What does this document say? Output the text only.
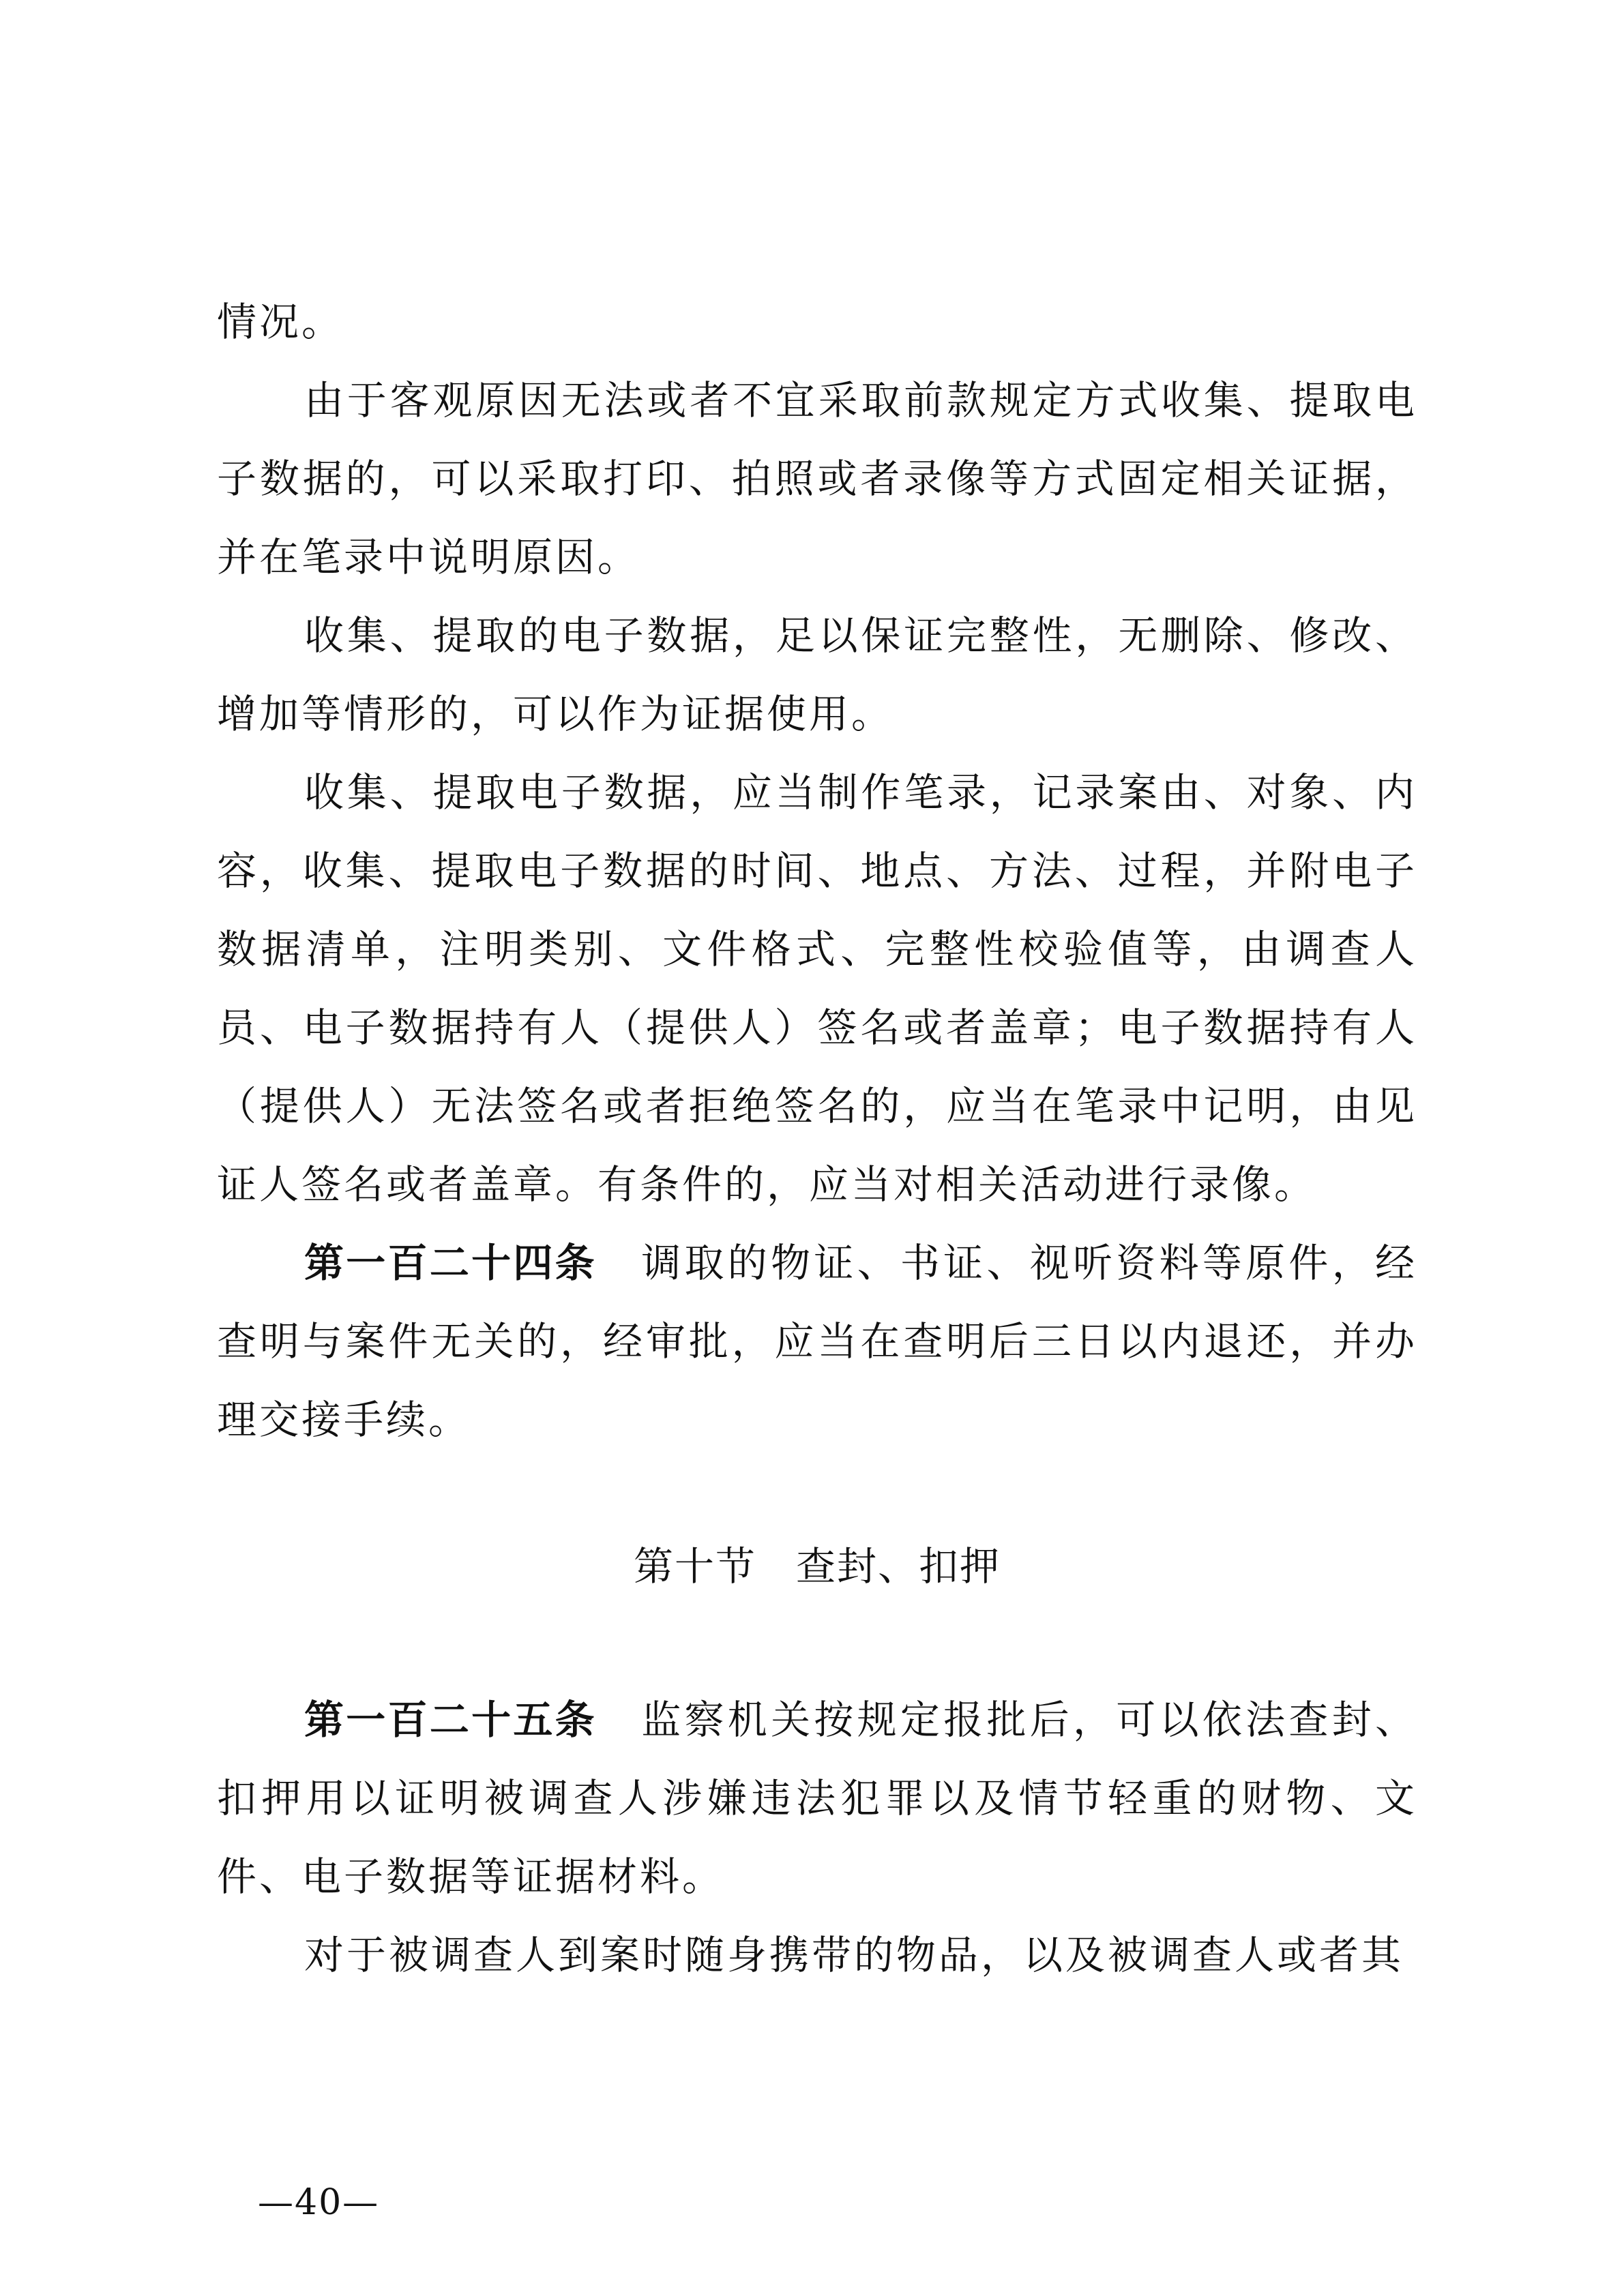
情况。

由于客观原因无法或者不宜采取前款规定方式收集、提取电子数据的，可以采取打印、拍照或者录像等方式固定相关证据，并在笔录中说明原因。

收集、提取的电子数据，足以保证完整性，无删除、修改、增加等情形的，可以作为证据使用。

收集、提取电子数据，应当制作笔录，记录案由、对象、内容，收集、提取电子数据的时间、地点、方法、过程，并附电子数据清单，注明类别、文件格式、完整性校验值等，由调查人员、电子数据持有人（提供人）签名或者盖章；电子数据持有人（提供人）无法签名或者拒绝签名的，应当在笔录中记明，由见证人签名或者盖章。有条件的，应当对相关活动进行录像。

第一百二十四条 调取的物证、书证、视听资料等原件，经查明与案件无关的，经审批，应当在查明后三日以内退还，并办理交接手续。

第十节 查封、扣押

第一百二十五条 监察机关按规定报批后，可以依法查封、扣押用以证明被调查人涉嫌违法犯罪以及情节轻重的财物、文件、电子数据等证据材料。

对于被调查人到案时随身携带的物品，以及被调查人或者其

—40—
